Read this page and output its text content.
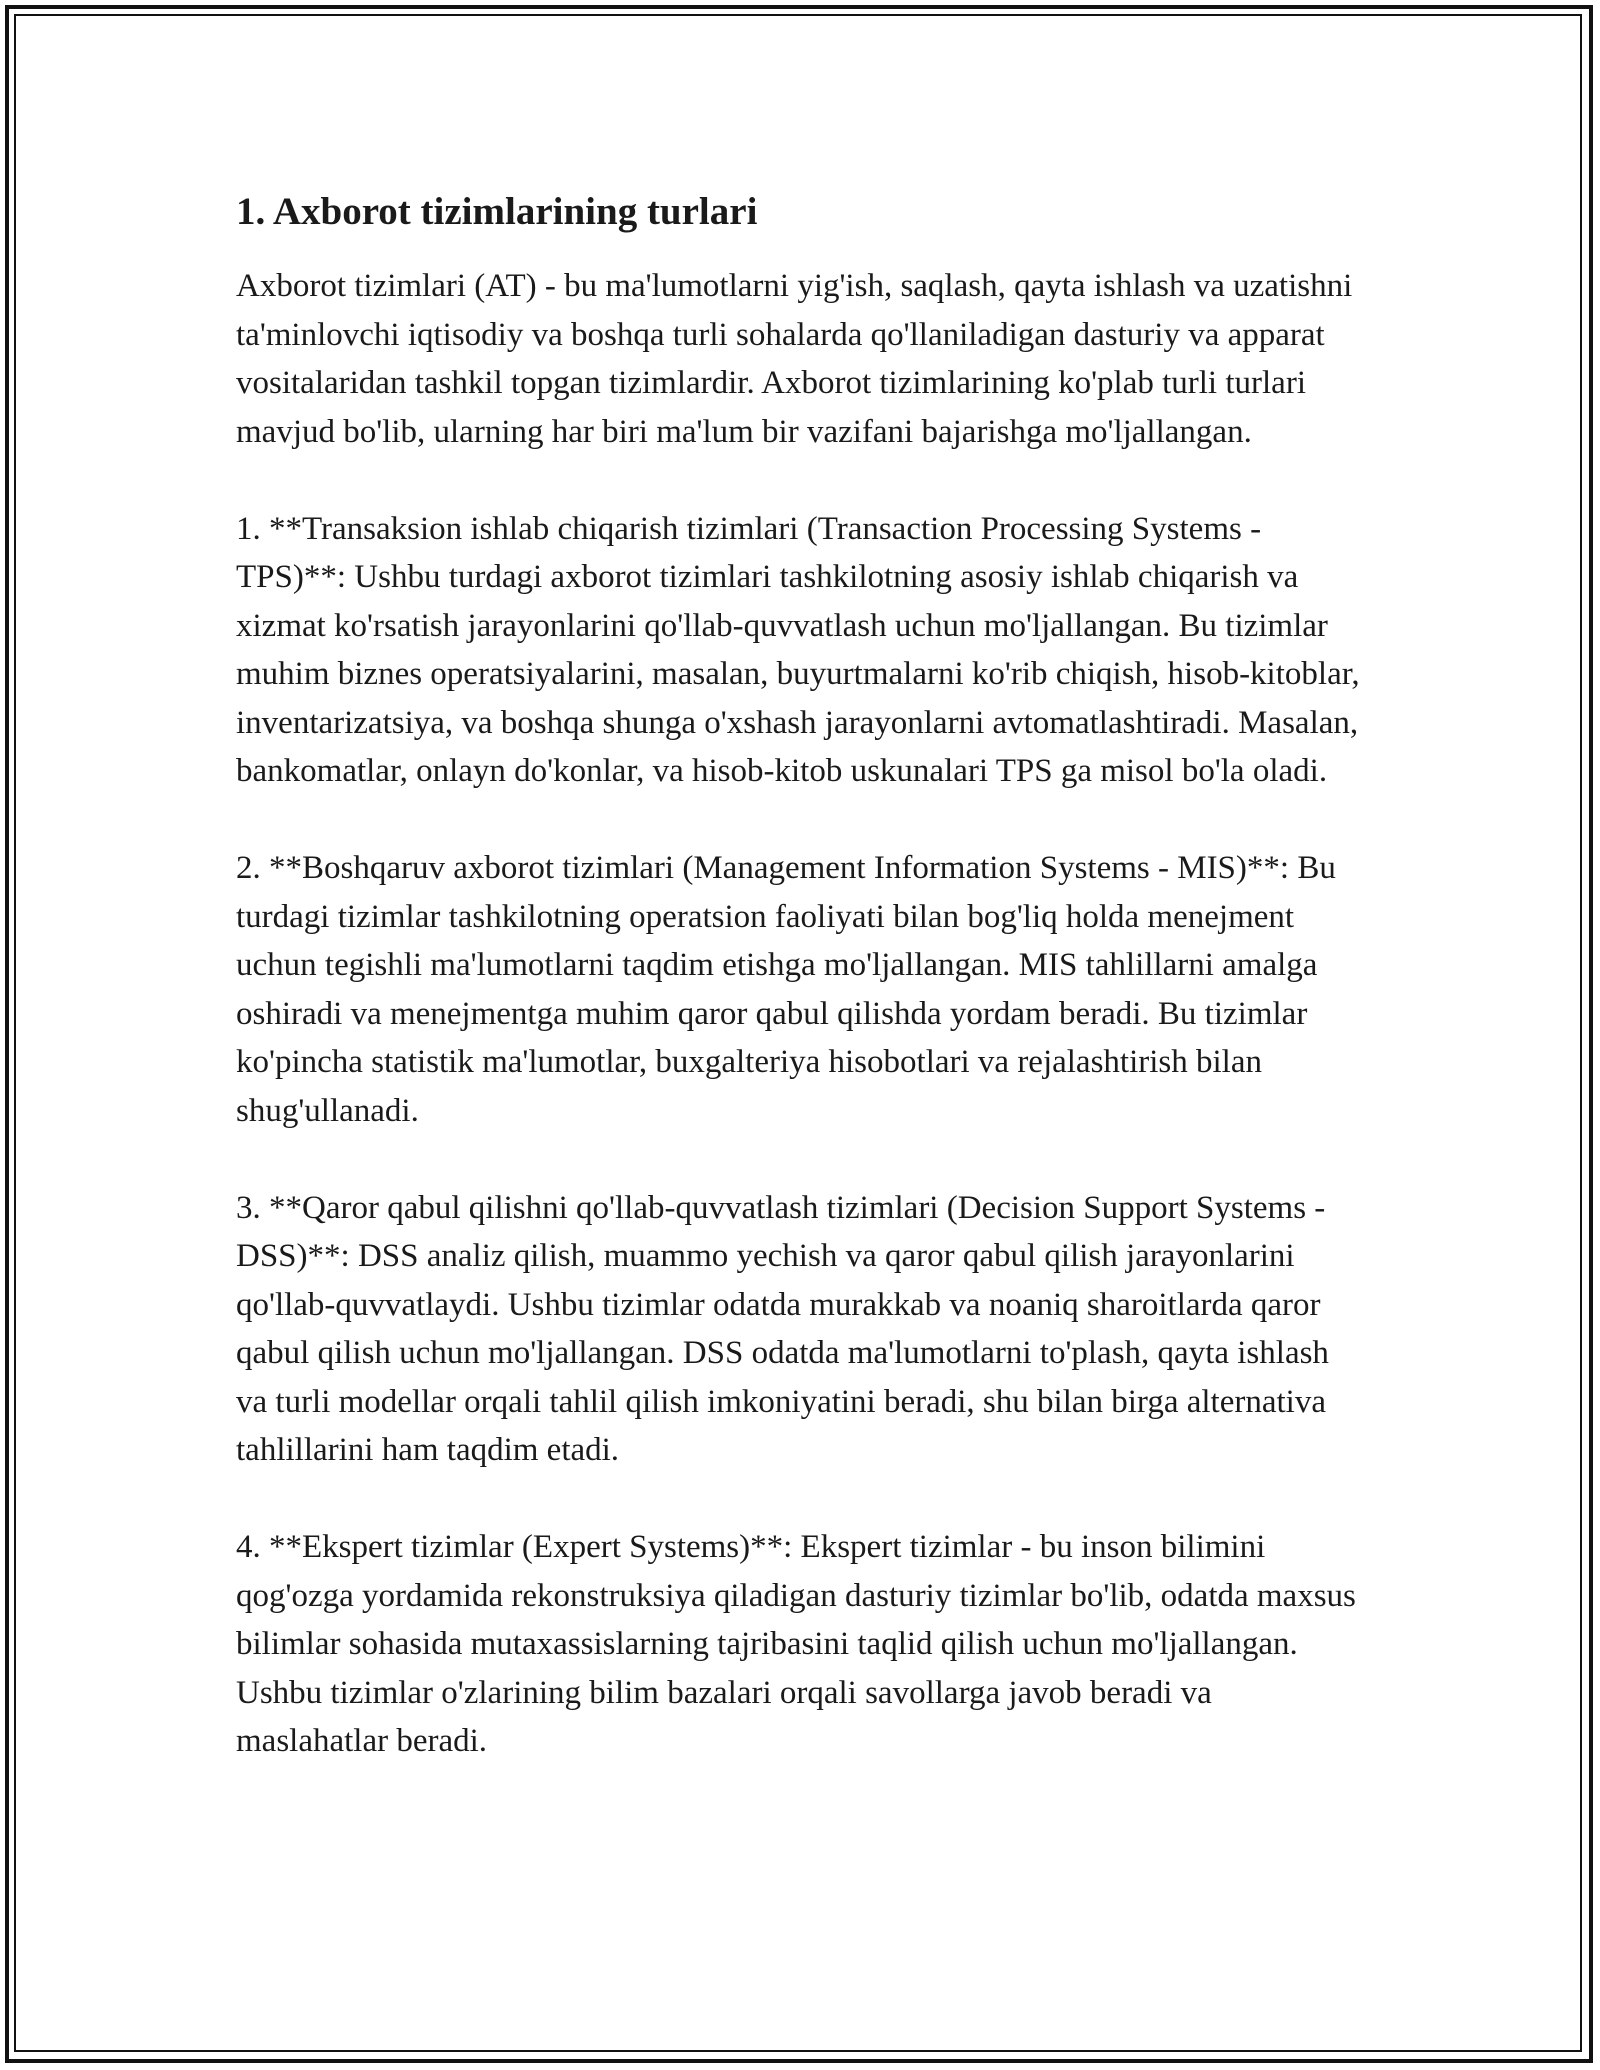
1. Axborot tizimlarining turlari

Axborot tizimlari (AT) - bu ma'lumotlarni yig'ish, saqlash, qayta ishlash va uzatishni ta'minlovchi iqtisodiy va boshqa turli sohalarda qo'llaniladigan dasturiy va apparat vositalaridan tashkil topgan tizimlardir. Axborot tizimlarining ko'plab turli turlari mavjud bo'lib, ularning har biri ma'lum bir vazifani bajarishga mo'ljallangan.

1. **Transaksion ishlab chiqarish tizimlari (Transaction Processing Systems - TPS)**: Ushbu turdagi axborot tizimlari tashkilotning asosiy ishlab chiqarish va xizmat ko'rsatish jarayonlarini qo'llab-quvvatlash uchun mo'ljallangan. Bu tizimlar muhim biznes operatsiyalarini, masalan, buyurtmalarni ko'rib chiqish, hisob-kitoblar, inventarizatsiya, va boshqa shunga o'xshash jarayonlarni avtomatlashtiradi. Masalan, bankomatlar, onlayn do'konlar, va hisob-kitob uskunalari TPS ga misol bo'la oladi.

2. **Boshqaruv axborot tizimlari (Management Information Systems - MIS)**: Bu turdagi tizimlar tashkilotning operatsion faoliyati bilan bog'liq holda menejment uchun tegishli ma'lumotlarni taqdim etishga mo'ljallangan. MIS tahlillarni amalga oshiradi va menejmentga muhim qaror qabul qilishda yordam beradi. Bu tizimlar ko'pincha statistik ma'lumotlar, buxgalteriya hisobotlari va rejalashtirish bilan shug'ullanadi.

3. **Qaror qabul qilishni qo'llab-quvvatlash tizimlari (Decision Support Systems - DSS)**: DSS analiz qilish, muammo yechish va qaror qabul qilish jarayonlarini qo'llab-quvvatlaydi. Ushbu tizimlar odatda murakkab va noaniq sharoitlarda qaror qabul qilish uchun mo'ljallangan. DSS odatda ma'lumotlarni to'plash, qayta ishlash va turli modellar orqali tahlil qilish imkoniyatini beradi, shu bilan birga alternativa tahlillarini ham taqdim etadi.

4. **Ekspert tizimlar (Expert Systems)**: Ekspert tizimlar - bu inson bilimini qog'ozga yordamida rekonstruksiya qiladigan dasturiy tizimlar bo'lib, odatda maxsus bilimlar sohasida mutaxassislarning tajribasini taqlid qilish uchun mo'ljallangan. Ushbu tizimlar o'zlarining bilim bazalari orqali savollarga javob beradi va maslahatlar beradi.
